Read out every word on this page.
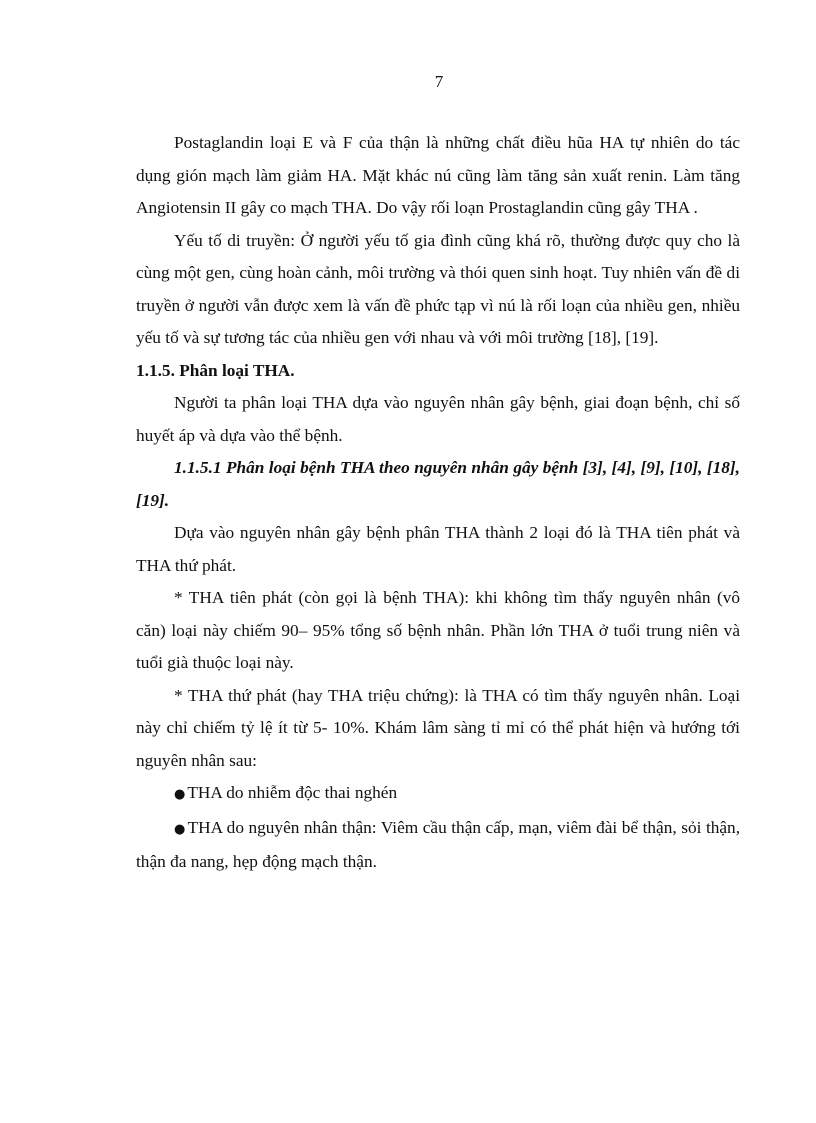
7

Postaglandin loại E và F của thận là những chất điều hũa HA tự nhiên do tác dụng gión mạch làm giảm HA. Mặt khác nú cũng làm tăng sản xuất renin. Làm tăng Angiotensin II gây co mạch THA. Do vậy rối loạn Prostaglandin cũng gây THA .

Yếu tố di truyền: Ở người yếu tố gia đình cũng khá rõ, thường được quy cho là cùng một gen, cùng hoàn cảnh, môi trường và thói quen sinh hoạt. Tuy nhiên vấn đề di truyền ở người vẫn được xem là vấn đề phức tạp vì nú là rối loạn của nhiều gen, nhiều yếu tố và sự tương tác của nhiều gen với nhau và với môi trường [18], [19].

1.1.5. Phân loại THA.

Người ta phân loại THA dựa vào nguyên nhân gây bệnh, giai đoạn bệnh, chỉ số huyết áp và dựa vào thể bệnh.

1.1.5.1 Phân loại bệnh THA theo nguyên nhân gây bệnh [3], [4], [9], [10], [18], [19].

Dựa vào nguyên nhân gây bệnh phân THA thành 2 loại đó là THA tiên phát và THA thứ phát.

* THA tiên phát (còn gọi là bệnh THA): khi không tìm thấy nguyên nhân (vô căn) loại này chiếm 90– 95% tổng số bệnh nhân. Phần lớn THA ở tuổi trung niên và tuổi già thuộc loại này.

* THA thứ phát (hay THA triệu chứng): là THA có tìm thấy nguyên nhân. Loại này chỉ chiếm tỷ lệ ít từ 5- 10%. Khám lâm sàng tỉ mỉ có thể phát hiện và hướng tới nguyên nhân sau:

● THA do nhiễm độc thai nghén

● THA do nguyên nhân thận: Viêm cầu thận cấp, mạn, viêm đài bể thận, sỏi thận, thận đa nang, hẹp động mạch thận.
